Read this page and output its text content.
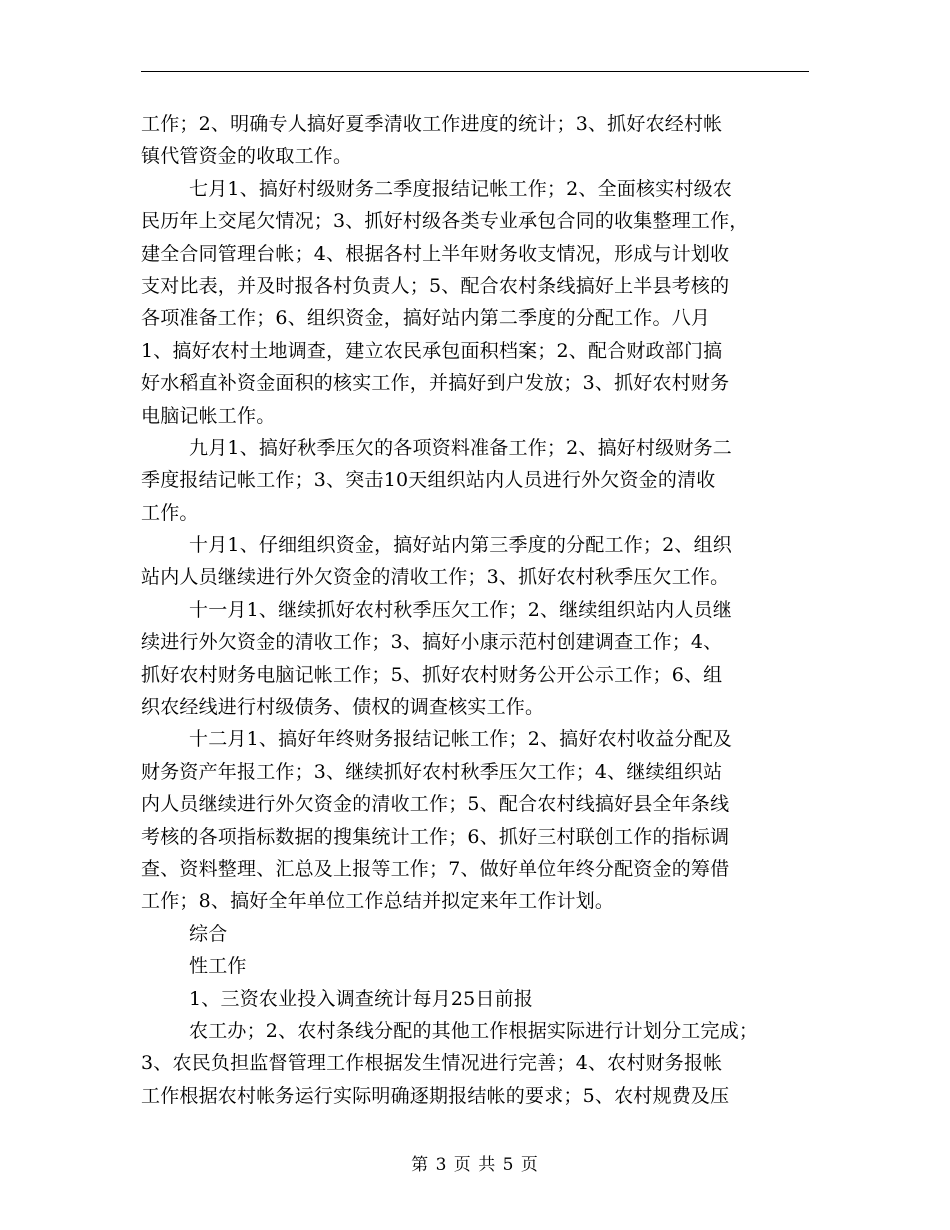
工作；2、明确专人搞好夏季清收工作进度的统计；3、抓好农经村帐
镇代管资金的收取工作。
七月1、搞好村级财务二季度报结记帐工作；2、全面核实村级农
民历年上交尾欠情况；3、抓好村级各类专业承包合同的收集整理工作，
建全合同管理台帐；4、根据各村上半年财务收支情况，形成与计划收
支对比表，并及时报各村负责人；5、配合农村条线搞好上半县考核的
各项准备工作；6、组织资金，搞好站内第二季度的分配工作。八月
1、搞好农村土地调查，建立农民承包面积档案；2、配合财政部门搞
好水稻直补资金面积的核实工作，并搞好到户发放；3、抓好农村财务
电脑记帐工作。
九月1、搞好秋季压欠的各项资料准备工作；2、搞好村级财务二
季度报结记帐工作；3、突击10天组织站内人员进行外欠资金的清收
工作。
十月1、仔细组织资金，搞好站内第三季度的分配工作；2、组织
站内人员继续进行外欠资金的清收工作；3、抓好农村秋季压欠工作。
十一月1、继续抓好农村秋季压欠工作；2、继续组织站内人员继
续进行外欠资金的清收工作；3、搞好小康示范村创建调查工作；4、
抓好农村财务电脑记帐工作；5、抓好农村财务公开公示工作；6、组
织农经线进行村级债务、债权的调查核实工作。
十二月1、搞好年终财务报结记帐工作；2、搞好农村收益分配及
财务资产年报工作；3、继续抓好农村秋季压欠工作；4、继续组织站
内人员继续进行外欠资金的清收工作；5、配合农村线搞好县全年条线
考核的各项指标数据的搜集统计工作；6、抓好三村联创工作的指标调
查、资料整理、汇总及上报等工作；7、做好单位年终分配资金的筹借
工作；8、搞好全年单位工作总结并拟定来年工作计划。
综合
性工作
1、三资农业投入调查统计每月25日前报
农工办；2、农村条线分配的其他工作根据实际进行计划分工完成；
3、农民负担监督管理工作根据发生情况进行完善；4、农村财务报帐
工作根据农村帐务运行实际明确逐期报结帐的要求；5、农村规费及压
第 3 页 共 5 页
